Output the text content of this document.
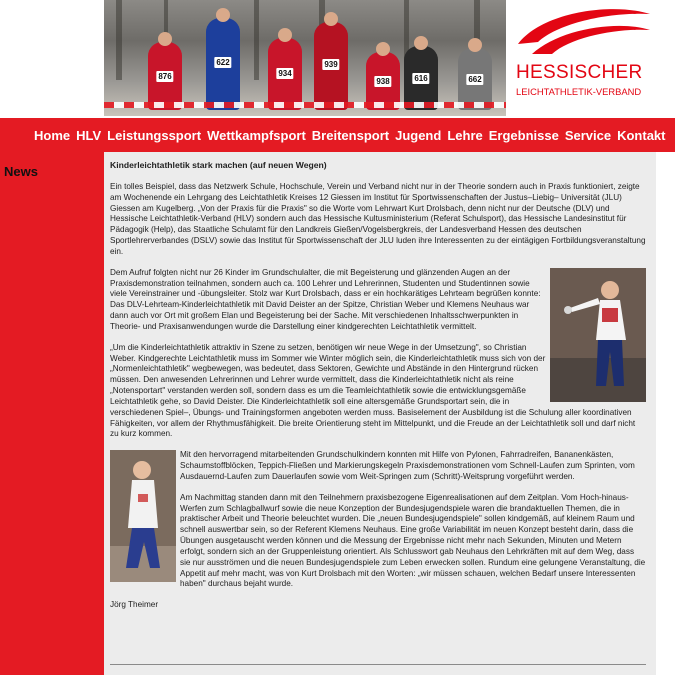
876
622
934
939
938	616	662 HESSISCHER
LEICHTATHLETIK-VERBAND
Home HLV Leistungssport Wettkampfsport Breitensport Jugend Lehre Ergebnisse Service Kontakt
News	Kinderleichtathletik stark machen (auf neuen Wegen)

Ein tolles Beispiel, dass das Netzwerk Schule, Hochschule, Verein und Verband nicht nur in der Theorie sondern auch in Praxis funktioniert, zeigte am Wochenende ein Lehrgang des Leichtathletik Kreises 12 Giessen im Institut für Sportwissenschaften der Justus–Liebig– Universität (JLU) Giessen am Kugelberg. „Von der Praxis für die Praxis" so die Worte vom Lehrwart Kurt Drolsbach, denn nicht nur der Deutsche (DLV) und Hessische Leichtathletik-Verband (HLV) sondern auch das Hessische Kultusministerium (Referat Schulsport), das Hessische Landesinstitut für Pädagogik (Help), das Staatliche Schulamt für den Landkreis Gießen/Vogelsbergkreis, der Landesverband Hessen des deutschen Sportlehrerverbandes (DSLV) sowie das Institut für Sportwissenschaft der JLU luden ihre Interessenten zu der eintägigen Fortbildungsveranstaltung ein.

Dem Aufruf folgten nicht nur 26 Kinder im Grundschulalter, die mit Begeisterung und glänzenden Augen an der Praxisdemonstration teilnahmen, sondern auch ca. 100 Lehrer und Lehrerinnen, Studenten und Studentinnen sowie viele Vereinstrainer und -übungsleiter. Stolz war Kurt Drolsbach, dass er ein hochkarätiges Lehrteam begrüßen konnte: Das DLV-Lehrteam-Kinderleichtathletik mit David Deister an der Spitze, Christian Weber und Klemens Neuhaus war dann auch vor Ort mit großem Elan und Begeisterung bei der Sache. Mit verschiedenen Inhaltsschwerpunkten in Theorie- und Praxisanwendungen wurde die Darstellung einer kindgerechten Leichtathletik vermittelt.

„Um die Kinderleichtathletik attraktiv in Szene zu setzen, benötigen wir neue Wege in der Umsetzung", so Christian Weber. Kindgerechte Leichtathletik muss im Sommer wie Winter möglich sein, die Kinderleichtathletik muss sich von der „Normenleichtathletik" wegbewegen, was bedeutet, dass Sektoren, Gewichte und Abstände in den Hintergrund rücken müssen. Den anwesenden Lehrerinnen und Lehrer wurde vermittelt, dass die Kinderleichtathletik nicht als reine „Notensportart" verstanden werden soll, sondern dass es um die Teamleichtathletik sowie die entwicklungsgemäße Leichtathletik gehe, so David Deister. Die Kinderleichtathletik soll eine altersgemäße Grundsportart sein, die in verschiedenen Spiel–, Übungs- und Trainingsformen angeboten werden muss. Basiselement der Ausbildung ist die Schulung aller koordinativen Fähigkeiten, vor allem der Rhythmusfähigkeit. Die breite Orientierung steht im Mittelpunkt, und die Freude an der Leichtathletik soll und darf nicht zu kurz kommen.

Mit den hervorragend mitarbeitenden Grundschulkindern konnten mit Hilfe von Pylonen, Fahrradreifen, Bananenkästen, Schaumstoffblöcken, Teppich-Fließen und Markierungskegeln Praxisdemonstrationen vom Schnell-Laufen zum Sprinten, vom Ausdauernd-Laufen zum Dauerlaufen sowie vom Weit-Springen zum (Schritt)-Weitsprung vorgeführt werden.

Am Nachmittag standen dann mit den Teilnehmern praxisbezogene Eigenrealisationen auf dem Zeitplan. Vom Hoch-hinaus-Werfen zum Schlagballwurf sowie die neue Konzeption der Bundesjugendspiele waren die brandaktuellen Themen, die in praktischer Arbeit und Theorie beleuchtet wurden. Die „neuen Bundesjugendspiele" sollen kindgemäß, auf kleinem Raum und schnell auswertbar sein, so der Referent Klemens Neuhaus. Eine große Variabilität im neuen Konzept besteht darin, dass die Übungen ausgetauscht werden können und die Messung der Ergebnisse nicht mehr nach Sekunden, Minuten und Metern erfolgt, sondern sich an der Gruppenleistung orientiert. Als Schlusswort gab Neuhaus den Lehrkräften mit auf dem Weg, dass sie nur ausströmen und die neuen Bundesjugendspiele zum Leben erwecken sollen. Rundum eine gelungene Veranstaltung, die Appetit auf mehr macht, was von Kurt Drolsbach mit den Worten: „wir müssen schauen, welchen Bedarf unsere Interessenten haben" durchaus bejaht wurde.

Jörg Theimer
